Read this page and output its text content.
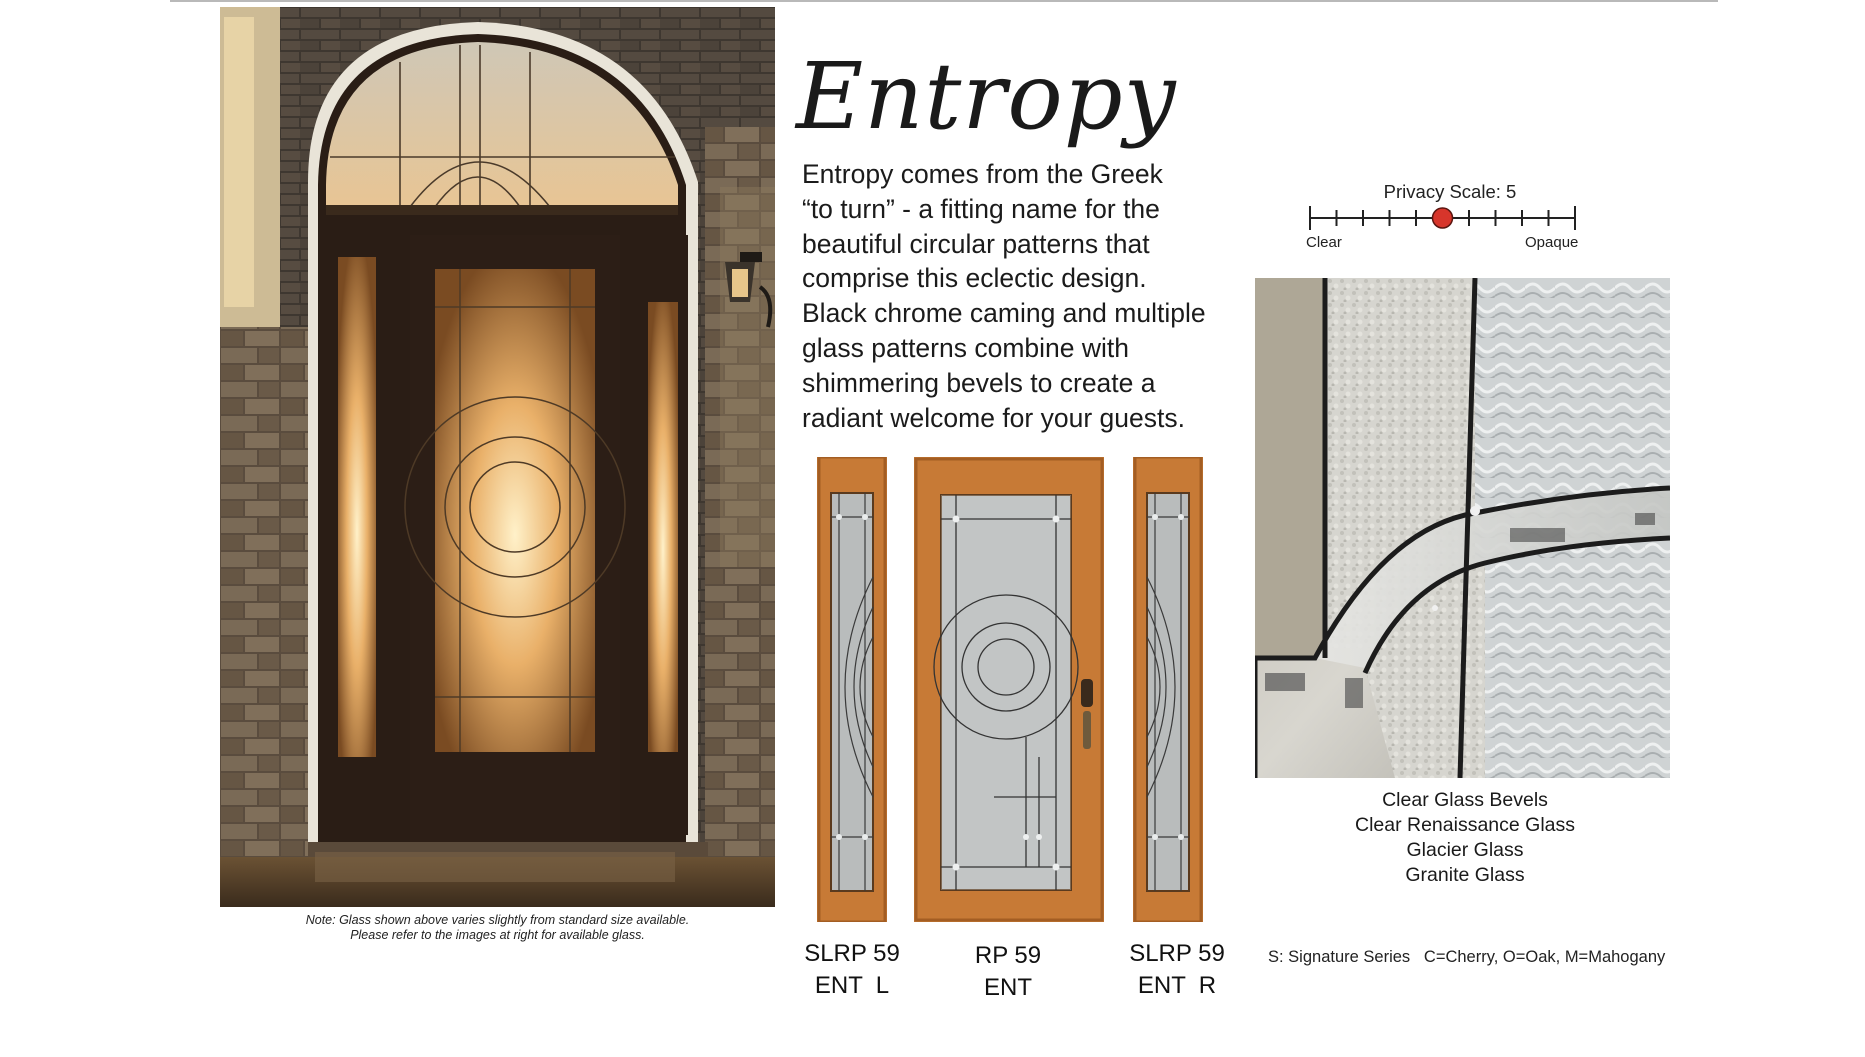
Note: Glass shown above varies slightly from standard size available.
Please refer to the images at right for available glass.
Entropy
Entropy comes from the Greek
“to turn” - a fitting name for the
beautiful circular patterns that
comprise this eclectic design.
Black chrome caming and multiple
glass patterns combine with
shimmering bevels to create a
radiant welcome for your guests.
Privacy Scale: 5
Clear	Opaque
SLRP 59
ENT  L
RP 59
ENT
SLRP 59
ENT  R
Clear Glass Bevels
Clear Renaissance Glass
Glacier Glass
Granite Glass
S: Signature Series   C=Cherry, O=Oak, M=Mahogany
